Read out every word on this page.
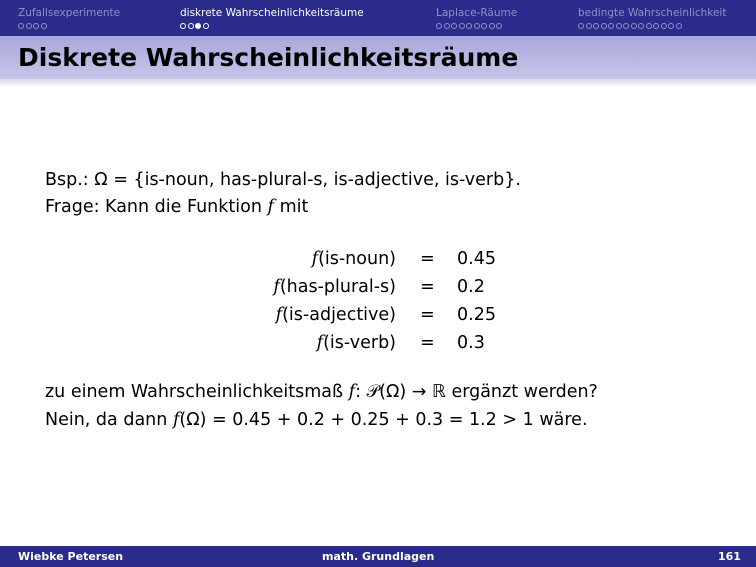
Zufallsexperimente	diskrete Wahrscheinlichkeitsräume	Laplace-Räume	bedingte Wahrscheinlichkeit
Diskrete Wahrscheinlichkeitsräume
Bsp.: Ω = {is-noun, has-plural-s, is-adjective, is-verb}.
Frage: Kann die Funktion f mit
f(is-noun) = 0.45
f(has-plural-s) = 0.2
f(is-adjective) = 0.25
f(is-verb) = 0.3
zu einem Wahrscheinlichkeitsmaß f: 𝒫(Ω) → ℝ ergänzt werden?
Nein, da dann f(Ω) = 0.45 + 0.2 + 0.25 + 0.3 = 1.2 > 1 wäre.
Wiebke Petersen	math. Grundlagen	161
